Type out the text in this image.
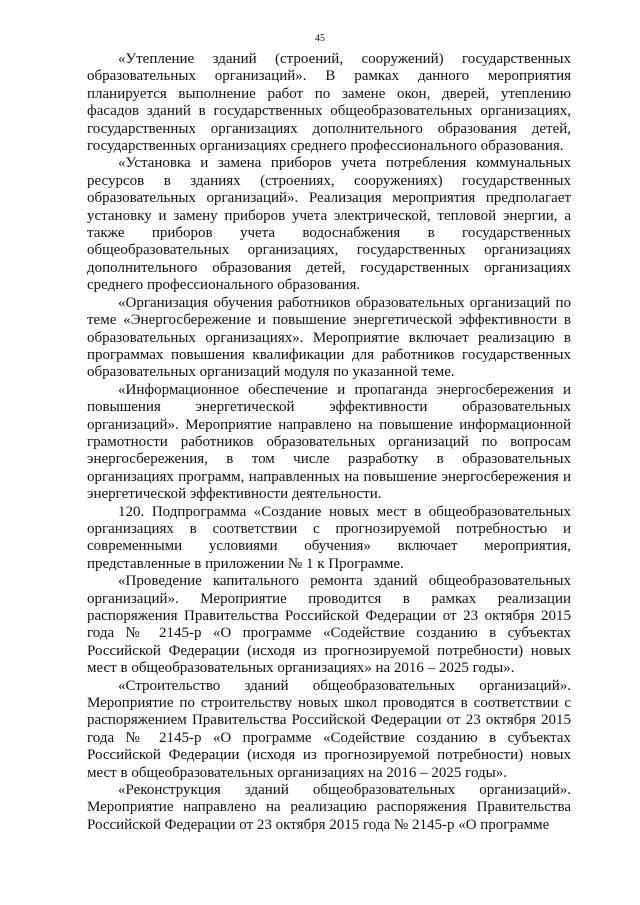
45

«Утепление зданий (строений, сооружений) государственных образовательных организаций». В рамках данного мероприятия планируется выполнение работ по замене окон, дверей, утеплению фасадов зданий в государственных общеобразовательных организациях, государственных организациях дополнительного образования детей, государственных организациях среднего профессионального образования.

«Установка и замена приборов учета потребления коммунальных ресурсов в зданиях (строениях, сооружениях) государственных образовательных организаций». Реализация мероприятия предполагает установку и замену приборов учета электрической, тепловой энергии, а также приборов учета водоснабжения в государственных общеобразовательных организациях, государственных организациях дополнительного образования детей, государственных организациях среднего профессионального образования.

«Организация обучения работников образовательных организаций по теме «Энергосбережение и повышение энергетической эффективности в образовательных организациях». Мероприятие включает реализацию в программах повышения квалификации для работников государственных образовательных организаций модуля по указанной теме.

«Информационное обеспечение и пропаганда энергосбережения и повышения энергетической эффективности образовательных организаций». Мероприятие направлено на повышение информационной грамотности работников образовательных организаций по вопросам энергосбережения, в том числе разработку в образовательных организациях программ, направленных на повышение энергосбережения и энергетической эффективности деятельности.

120. Подпрограмма «Создание новых мест в общеобразовательных организациях в соответствии с прогнозируемой потребностью и современными условиями обучения» включает мероприятия, представленные в приложении № 1 к Программе.

«Проведение капитального ремонта зданий общеобразовательных организаций». Мероприятие проводится в рамках реализации распоряжения Правительства Российской Федерации от 23 октября 2015 года № 2145-р «О программе «Содействие созданию в субъектах Российской Федерации (исходя из прогнозируемой потребности) новых мест в общеобразовательных организациях» на 2016 – 2025 годы».

«Строительство зданий общеобразовательных организаций». Мероприятие по строительству новых школ проводятся в соответствии с распоряжением Правительства Российской Федерации от 23 октября 2015 года № 2145-р «О программе «Содействие созданию в субъектах Российской Федерации (исходя из прогнозируемой потребности) новых мест в общеобразовательных организациях на 2016 – 2025 годы».

«Реконструкция зданий общеобразовательных организаций». Мероприятие направлено на реализацию распоряжения Правительства Российской Федерации от 23 октября 2015 года № 2145-р «О программе
